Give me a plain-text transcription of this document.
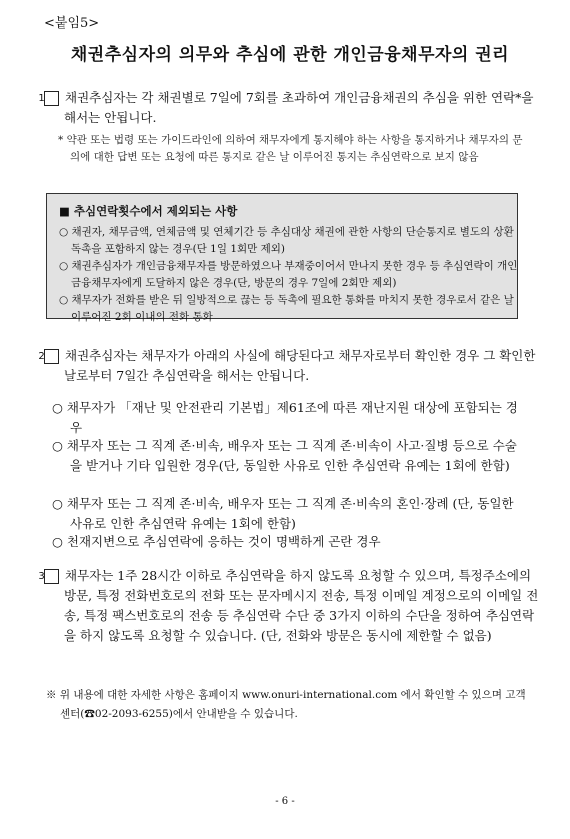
<붙임5>
채권추심자의 의무와 추심에 관한 개인금융채무자의 권리
1 채권추심자는 각 채권별로 7일에 7회를 초과하여 개인금융채권의 추심을 위한 연락*을 해서는 안됩니다.
* 약관 또는 법령 또는 가이드라인에 의하여 채무자에게 통지해야 하는 사항을 통지하거나 채무자의 문의에 대한 답변 또는 요청에 따른 통지로 같은 날 이루어진 통지는 추심연락으로 보지 않음
■ 추심연락횟수에서 제외되는 사항
○ 채권자, 채무금액, 연체금액 및 연체기간 등 추심대상 채권에 관한 사항의 단순통지로 별도의 상환독촉을 포함하지 않는 경우(단 1일 1회만 제외)
○ 채권추심자가 개인금융채무자를 방문하였으나 부재중이어서 만나지 못한 경우 등 추심연락이 개인금융채무자에게 도달하지 않은 경우(단, 방문의 경우 7일에 2회만 제외)
○ 채무자가 전화를 받은 뒤 일방적으로 끊는 등 독촉에 필요한 통화를 마치지 못한 경우로서 같은 날 이루어진 2회 이내의 전화 통화
2 채권추심자는 채무자가 아래의 사실에 해당된다고 채무자로부터 확인한 경우 그 확인한 날로부터 7일간 추심연락을 해서는 안됩니다.
○ 채무자가 「재난 및 안전관리 기본법」제61조에 따른 재난지원 대상에 포함되는 경우
○ 채무자 또는 그 직계 존·비속, 배우자 또는 그 직계 존·비속이 사고·질병 등으로 수술을 받거나 기타 입원한 경우(단, 동일한 사유로 인한 추심연락 유예는 1회에 한함)
○ 채무자 또는 그 직계 존·비속, 배우자 또는 그 직계 존·비속의 혼인·장례 (단, 동일한 사유로 인한 추심연락 유예는 1회에 한함)
○ 천재지변으로 추심연락에 응하는 것이 명백하게 곤란 경우
3 채무자는 1주 28시간 이하로 추심연락을 하지 않도록 요청할 수 있으며, 특정주소에의 방문, 특정 전화번호로의 전화 또는 문자메시지 전송, 특정 이메일 계정으로의 이메일 전송, 특정 팩스번호로의 전송 등 추심연락 수단 중 3가지 이하의 수단을 정하여 추심연락을 하지 않도록 요청할 수 있습니다. (단, 전화와 방문은 동시에 제한할 수 없음)
※ 위 내용에 대한 자세한 사항은 홈페이지 www.onuri-international.com 에서 확인할 수 있으며 고객센터(☎02-2093-6255)에서 안내받을 수 있습니다.
- 6 -
